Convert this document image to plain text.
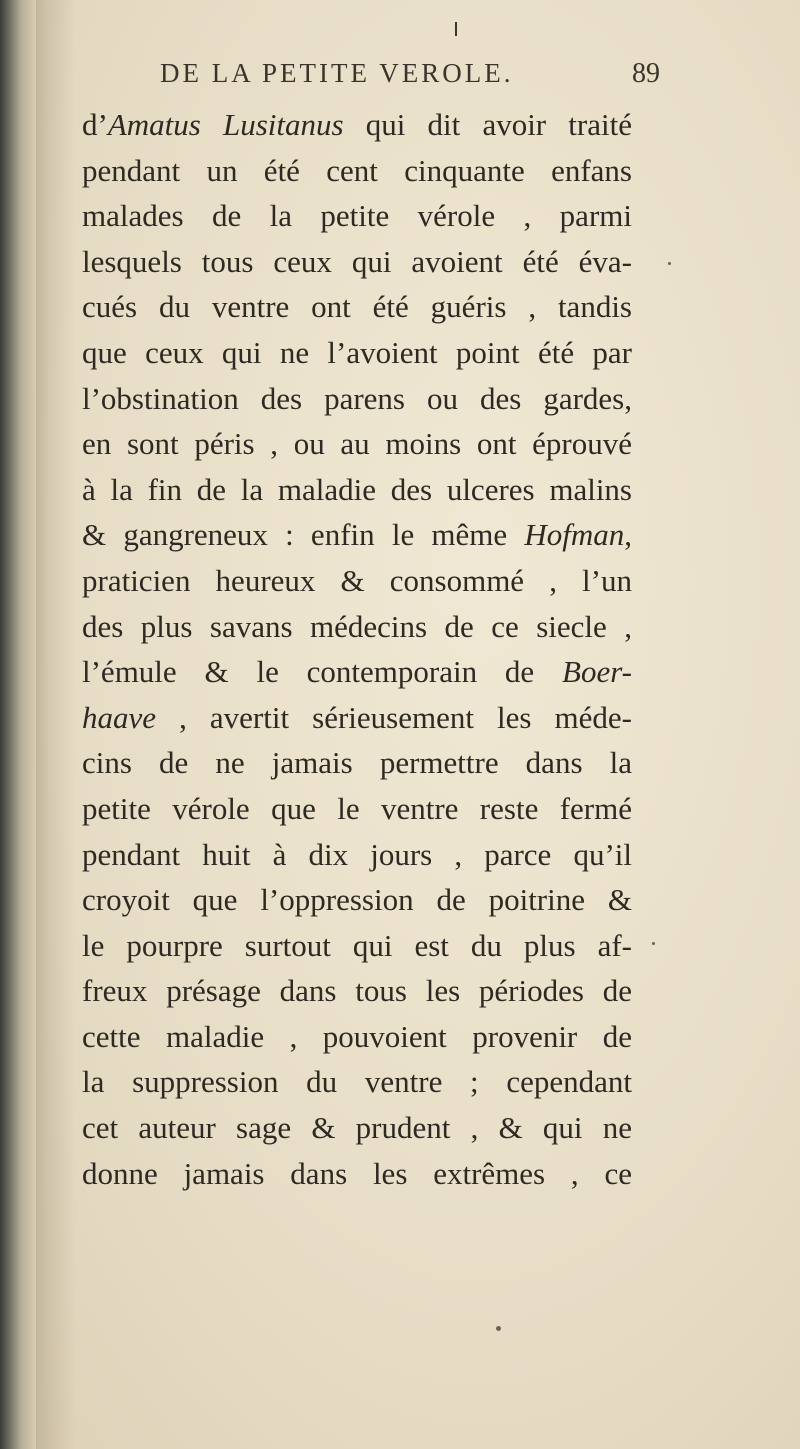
DE LA PETITE VEROLE.	89
d’Amatus Lusitanus qui dit avoir traité
pendant un été cent cinquante enfans
malades de la petite vérole , parmi
lesquels tous ceux qui avoient été éva-
cués du ventre ont été guéris , tandis
que ceux qui ne l’avoient point été par
l’obstination des parens ou des gardes,
en sont péris , ou au moins ont éprouvé
à la fin de la maladie des ulceres malins
& gangreneux : enfin le même Hofman,
praticien heureux & consommé , l’un
des plus savans médecins de ce siecle ,
l’émule & le contemporain de Boer-
haave , avertit sérieusement les méde-
cins de ne jamais permettre dans la
petite vérole que le ventre reste fermé
pendant huit à dix jours , parce qu’il
croyoit que l’oppression de poitrine &
le pourpre surtout qui est du plus af-
freux présage dans tous les périodes de
cette maladie , pouvoient provenir de
la suppression du ventre ; cependant
cet auteur sage & prudent , & qui ne
donne jamais dans les extrêmes , ce
